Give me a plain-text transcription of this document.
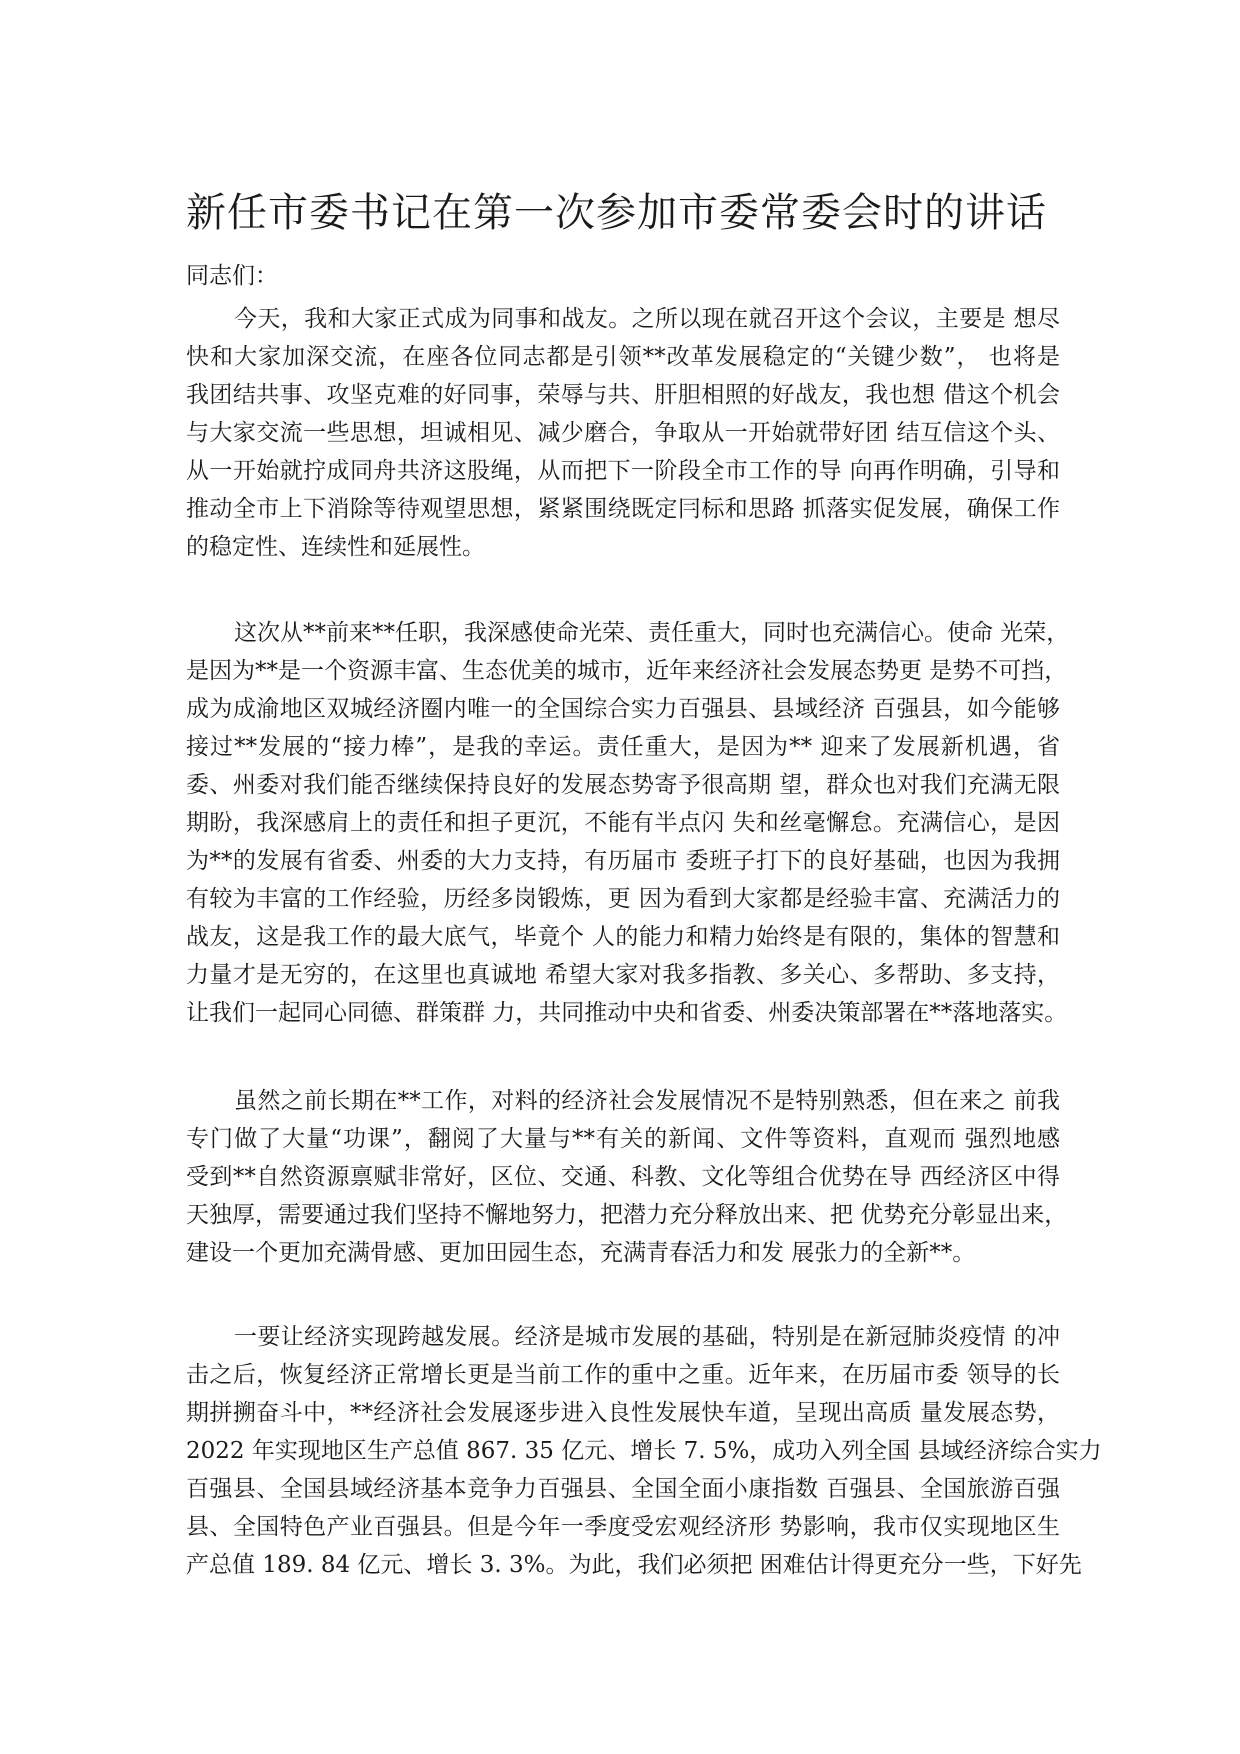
新任市委书记在第一次参加市委常委会时的讲话

同志们：

今天，我和大家正式成为同事和战友。之所以现在就召开这个会议，主要是 想尽
快和大家加深交流，在座各位同志都是引领**改革发展稳定的“关键少数”， 也将是
我团结共事、攻坚克难的好同事，荣辱与共、肝胆相照的好战友，我也想 借这个机会
与大家交流一些思想，坦诚相见、减少磨合，争取从一开始就带好团 结互信这个头、
从一开始就拧成同舟共济这股绳，从而把下一阶段全市工作的导 向再作明确，引导和
推动全市上下消除等待观望思想，紧紧围绕既定冃标和思路 抓落实促发展，确保工作
的稳定性、连续性和延展性。
这次从**前来**任职，我深感使命光荣、责任重大，同时也充满信心。使命 光荣，
是因为**是一个资源丰富、生态优美的城市，近年来经济社会发展态势更 是势不可挡，
成为成渝地区双城经济圈内唯一的全国综合实力百强县、县域经济 百强县，如今能够
接过**发展的“接力棒”，是我的幸运。责任重大，是因为** 迎来了发展新机遇，省
委、州委对我们能否继续保持良好的发展态势寄予很高期 望，群众也对我们充满无限
期盼，我深感肩上的责任和担子更沉，不能有半点闪 失和丝毫懈怠。充满信心，是因
为**的发展有省委、州委的大力支持，有历届市 委班子打下的良好基础，也因为我拥
有较为丰富的工作经验，历经多岗锻炼，更 因为看到大家都是经验丰富、充满活力的
战友，这是我工作的最大底气，毕竟个 人的能力和精力始终是有限的，集体的智慧和
力量才是无穷的，在这里也真诚地 希望大家对我多指教、多关心、多帮助、多支持，
让我们一起同心同德、群策群 力，共同推动中央和省委、州委决策部署在**落地落实。
虽然之前长期在**工作，对料的经济社会发展情况不是特别熟悉，但在来之 前我
专门做了大量“功课”，翻阅了大量与**有关的新闻、文件等资料，直观而 强烈地感
受到**自然资源禀赋非常好，区位、交通、科教、文化等组合优势在导 西经济区中得
天独厚，需要通过我们坚持不懈地努力，把潜力充分释放出来、把 优势充分彰显出来，
建设一个更加充满骨感、更加田园生态，充满青春活力和发 展张力的全新**。
一要让经济实现跨越发展。经济是城市发展的基础，特别是在新冠肺炎疫情 的冲
击之后，恢复经济正常增长更是当前工作的重中之重。近年来，在历届市委 领导的长
期拼搠奋斗中，**经济社会发展逐步进入良性发展快车道，呈现出高质 量发展态势，
2022 年实现地区生产总值 867. 35 亿元、增长 7. 5%，成功入列全国 县域经济综合实力
百强县、全国县域经济基本竞争力百强县、全国全面小康指数 百强县、全国旅游百强
县、全国特色产业百强县。但是今年一季度受宏观经济形 势影响，我市仅实现地区生
产总值 189. 84 亿元、增长 3. 3%。为此，我们必须把 困难估计得更充分一些，下好先
